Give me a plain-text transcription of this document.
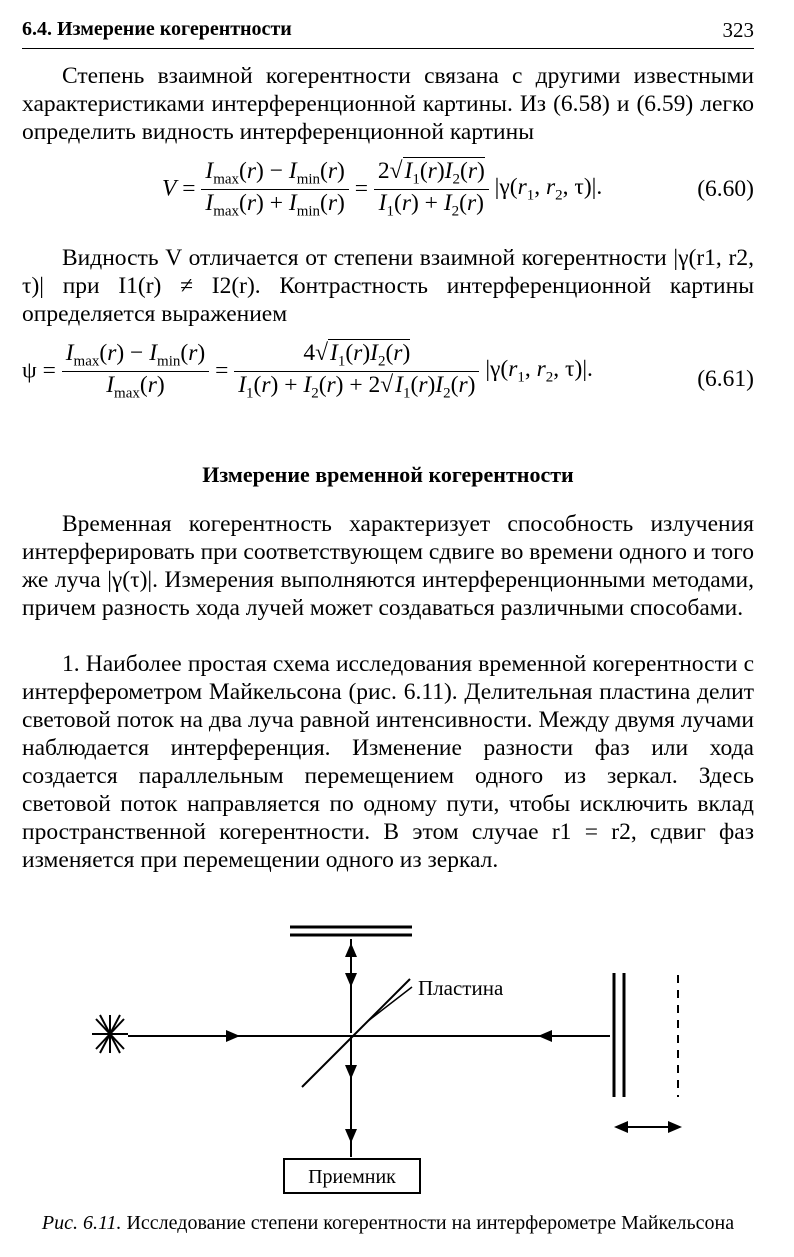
6.4. Измерение когерентности	323
Степень взаимной когерентности связана с другими известными характеристиками интерференционной картины. Из (6.58) и (6.59) легко определить видность интерференционной картины
$V = \frac{I_{max}(r) - I_{min}(r)}{I_{max}(r) + I_{min}(r)} = \frac{2√I_1(r)I_2(r)}{I_1(r) + I_2(r)} |\gamma(r_1$, $r_2$, τ)|.	(6.60)
Видность V отличается от степени взаимной когерентности |γ(r1, r2, τ)| при I1(r) ≠ I2(r). Контрастность интерференционной картины определяется выражением
$\psi = \frac{I_{max}(r) - I_{min}(r)}{I_{max}(r)} = \frac{4√I_1(r)I_2(r)}{I_1(r) + I_2(r) + 2√I_1(r)I_2(r)} |\gamma(r_1$, $r_2$, τ)|.	(6.61)
Измерение временной когерентности
Временная когерентность характеризует способность излучения интерферировать при соответствующем сдвиге во времени одного и того же луча |γ(τ)|. Измерения выполняются интерференционными методами, причем разность хода лучей может создаваться различными способами.
1. Наиболее простая схема исследования временной когерентности с интерферометром Майкельсона (рис. 6.11). Делительная пластина делит световой поток на два луча равной интенсивности. Между двумя лучами наблюдается интерференция. Изменение разности фаз или хода создается параллельным перемещением одного из зеркал. Здесь световой поток направляется по одному пути, чтобы исключить вклад пространственной когерентности. В этом случае r1 = r2, сдвиг фаз изменяется при перемещении одного из зеркал.
Пластина
Приемник
Рис. 6.11. Исследование степени когерентности на интерферометре Майкельсона
